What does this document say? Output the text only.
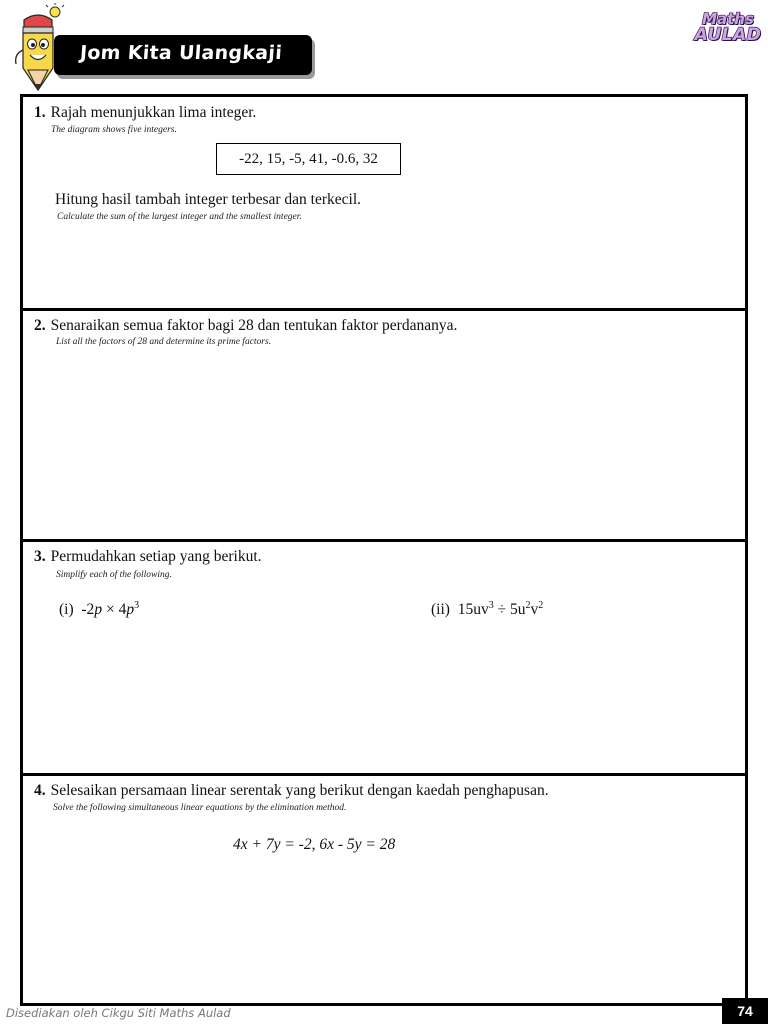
Jom Kita Ulangkaji
Maths
AULAD
1. Rajah menunjukkan lima integer.
The diagram shows five integers.
-22, 15, -5, 41, -0.6, 32
Hitung hasil tambah integer terbesar dan terkecil.
Calculate the sum of the largest integer and the smallest integer.
2. Senaraikan semua faktor bagi 28 dan tentukan faktor perdananya.
List all the factors of 28 and determine its prime factors.
3. Permudahkan setiap yang berikut.
Simplify each of the following.
(i) $-2p \times 4p^3$	(ii) $15uv^3 \div 5u^2v^2$
4. Selesaikan persamaan linear serentak yang berikut dengan kaedah penghapusan.
Solve the following simultaneous linear equations by the elimination method.
4x + 7y = -2, 6x - 5y = 28
Disediakan oleh Cikgu Siti Maths Aulad	74
